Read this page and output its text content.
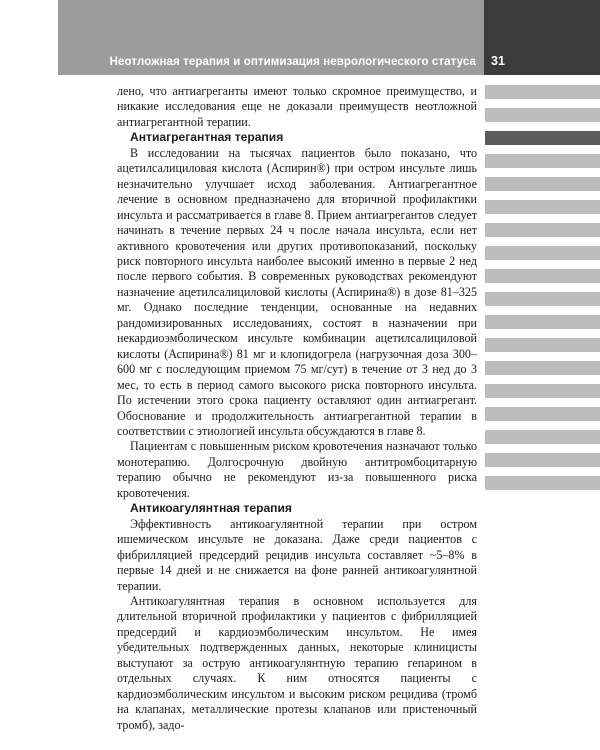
Неотложная терапия и оптимизация неврологического статуса 31

лено, что антиагреганты имеют только скромное преимущество, и никакие исследования еще не доказали преимуществ неотложной антиагрегантной терапии.

Антиагрегантная терапия

В исследовании на тысячах пациентов было показано, что ацетилсалициловая кислота (Аспирин®) при остром инсульте лишь незначительно улучшает исход заболевания. Антиагрегантное лечение в основном предназначено для вторичной профилактики инсульта и рассматривается в главе 8. Прием антиагрегантов следует начинать в течение первых 24 ч после начала инсульта, если нет активного кровотечения или других противопоказаний, поскольку риск повторного инсульта наиболее высокий именно в первые 2 нед после первого события. В современных руководствах рекомендуют назначение ацетилсалициловой кислоты (Аспирина®) в дозе 81–325 мг. Однако последние тенденции, основанные на недавних рандомизированных исследованиях, состоят в назначении при некардиоэмболическом инсульте комбинации ацетилсалициловой кислоты (Аспирина®) 81 мг и клопидогрела (нагрузочная доза 300–600 мг с последующим приемом 75 мг/сут) в течение от 3 нед до 3 мес, то есть в период самого высокого риска повторного инсульта. По истечении этого срока пациенту оставляют один антиагрегант. Обоснование и продолжительность антиагрегантной терапии в соответствии с этиологией инсульта обсуждаются в главе 8.

Пациентам с повышенным риском кровотечения назначают только монотерапию. Долгосрочную двойную антитромбоцитарную терапию обычно не рекомендуют из-за повышенного риска кровотечения.

Антикоагулянтная терапия

Эффективность антикоагулянтной терапии при остром ишемическом инсульте не доказана. Даже среди пациентов с фибрилляцией предсердий рецидив инсульта составляет ~5–8% в первые 14 дней и не снижается на фоне ранней антикоагулянтной терапии.

Антикоагулянтная терапия в основном используется для длительной вторичной профилактики у пациентов с фибрилляцией предсердий и кардиоэмболическим инсультом. Не имея убедительных подтвержденных данных, некоторые клиницисты выступают за острую антикоагулянтную терапию гепарином в отдельных случаях. К ним относятся пациенты с кардиоэмболическим инсультом и высоким риском рецидива (тромб на клапанах, металлические протезы клапанов или пристеночный тромб), задо-
